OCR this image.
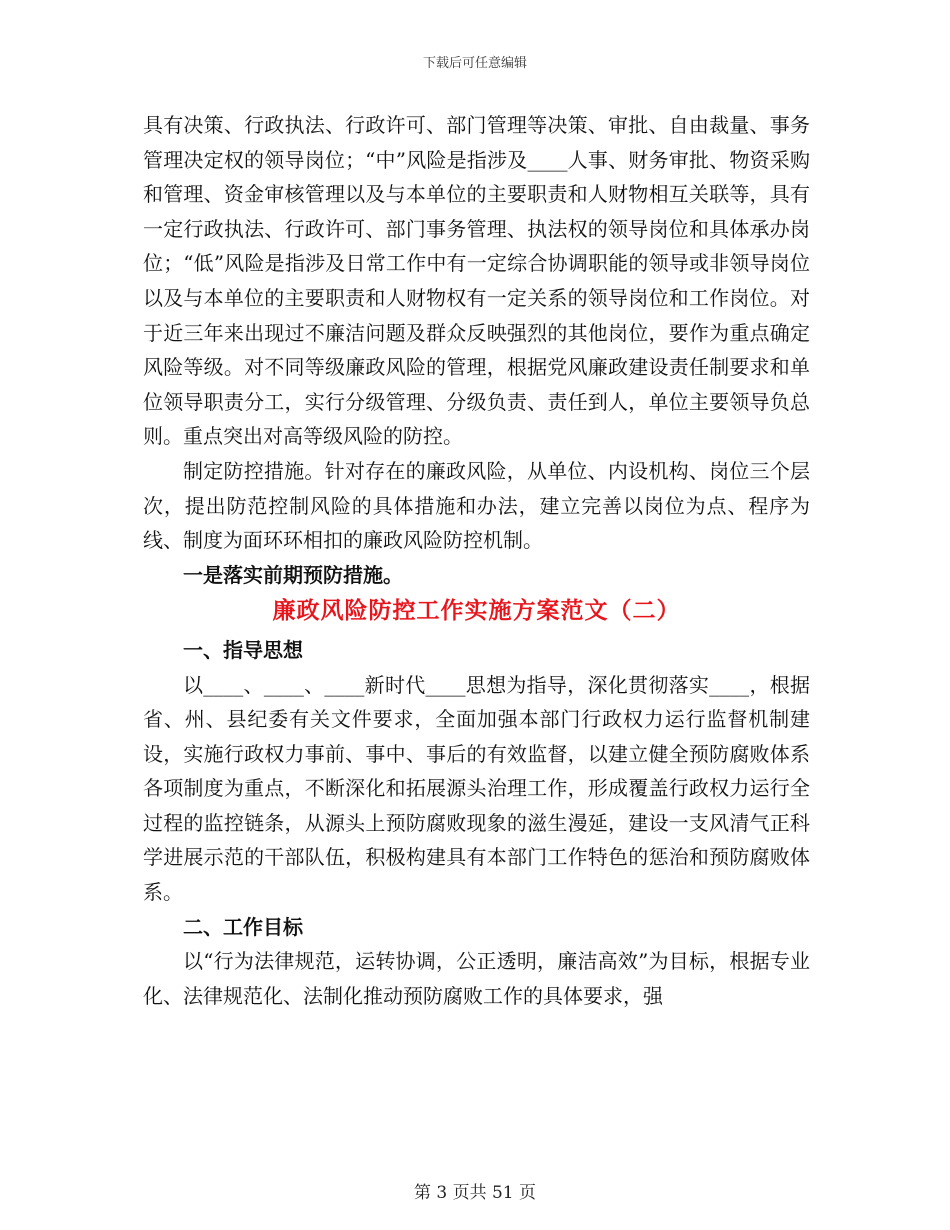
下载后可任意编辑

具有决策、行政执法、行政许可、部门管理等决策、审批、自由裁量、事务管理决定权的领导岗位；“中”风险是指涉及____人事、财务审批、物资采购和管理、资金审核管理以及与本单位的主要职责和人财物相互关联等，具有一定行政执法、行政许可、部门事务管理、执法权的领导岗位和具体承办岗位；“低”风险是指涉及日常工作中有一定综合协调职能的领导或非领导岗位以及与本单位的主要职责和人财物权有一定关系的领导岗位和工作岗位。对于近三年来出现过不廉洁问题及群众反映强烈的其他岗位，要作为重点确定风险等级。对不同等级廉政风险的管理，根据党风廉政建设责任制要求和单位领导职责分工，实行分级管理、分级负责、责任到人，单位主要领导负总则。重点突出对高等级风险的防控。

制定防控措施。针对存在的廉政风险，从单位、内设机构、岗位三个层次，提出防范控制风险的具体措施和办法，建立完善以岗位为点、程序为线、制度为面环环相扣的廉政风险防控机制。

一是落实前期预防措施。

廉政风险防控工作实施方案范文（二）

一、指导思想

以____、____、____新时代____思想为指导，深化贯彻落实____，根据省、州、县纪委有关文件要求，全面加强本部门行政权力运行监督机制建设，实施行政权力事前、事中、事后的有效监督，以建立健全预防腐败体系各项制度为重点，不断深化和拓展源头治理工作，形成覆盖行政权力运行全过程的监控链条，从源头上预防腐败现象的滋生漫延，建设一支风清气正科学进展示范的干部队伍，积极构建具有本部门工作特色的惩治和预防腐败体系。

二、工作目标

以“行为法律规范，运转协调，公正透明，廉洁高效”为目标，根据专业化、法律规范化、法制化推动预防腐败工作的具体要求，强

第 3 页共 51 页
